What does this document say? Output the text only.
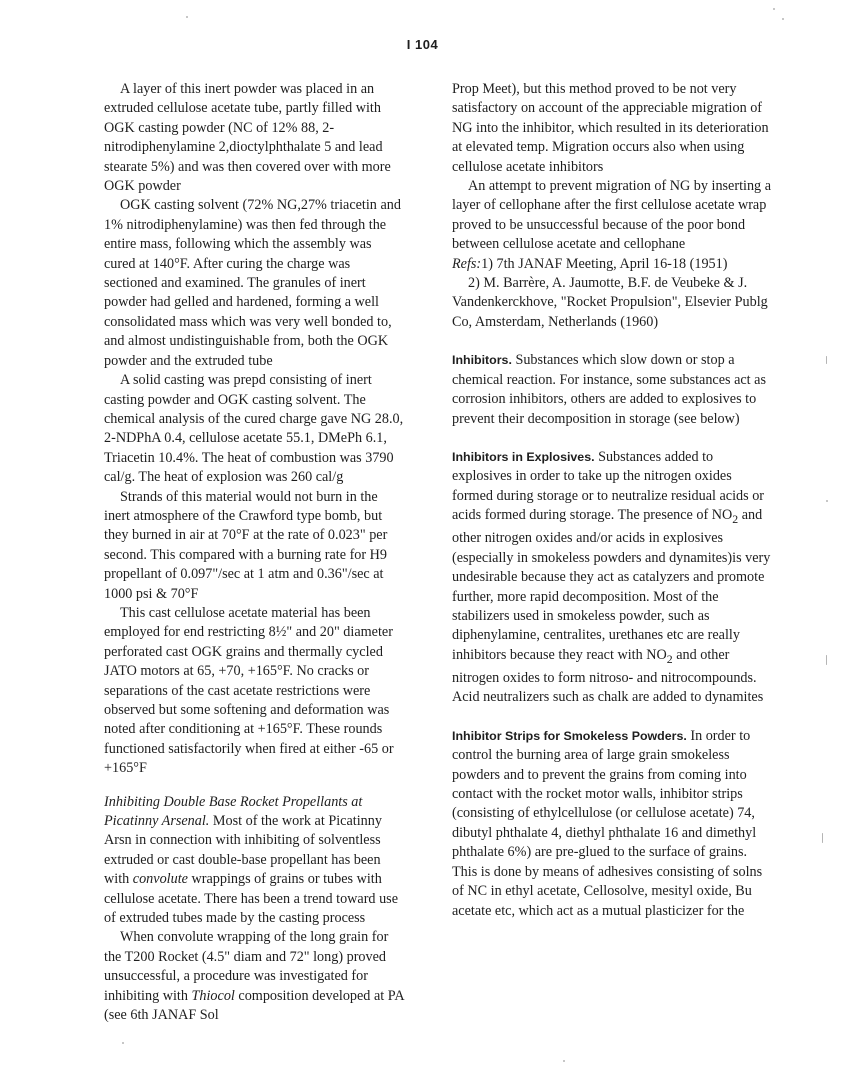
I 104

A layer of this inert powder was placed in an extruded cellulose acetate tube, partly filled with OGK casting powder (NC of 12% 88, 2-nitrodiphenylamine 2,dioctylphthalate 5 and lead stearate 5%) and was then covered over with more OGK powder

OGK casting solvent (72% NG,27% triacetin and 1% nitrodiphenylamine) was then fed through the entire mass, following which the assembly was cured at 140°F. After curing the charge was sectioned and examined. The granules of inert powder had gelled and hardened, forming a well consolidated mass which was very well bonded to, and almost undistinguishable from, both the OGK powder and the extruded tube

A solid casting was prepd consisting of inert casting powder and OGK casting solvent. The chemical analysis of the cured charge gave NG 28.0, 2-NDPhA 0.4, cellulose acetate 55.1, DMePh 6.1, Triacetin 10.4%. The heat of combustion was 3790 cal/g. The heat of explosion was 260 cal/g

Strands of this material would not burn in the inert atmosphere of the Crawford type bomb, but they burned in air at 70°F at the rate of 0.023" per second. This compared with a burning rate for H9 propellant of 0.097"/sec at 1 atm and 0.36"/sec at 1000 psi & 70°F

This cast cellulose acetate material has been employed for end restricting 8½" and 20" diameter perforated cast OGK grains and thermally cycled JATO motors at 65, +70, +165°F. No cracks or separations of the cast acetate restrictions were observed but some softening and deformation was noted after conditioning at +165°F. These rounds functioned satisfactorily when fired at either -65 or +165°F

Inhibiting Double Base Rocket Propellants at Picatinny Arsenal. Most of the work at Picatinny Arsn in connection with inhibiting of solventless extruded or cast double-base propellant has been with convolute wrappings of grains or tubes with cellulose acetate. There has been a trend toward use of extruded tubes made by the casting process

When convolute wrapping of the long grain for the T200 Rocket (4.5" diam and 72" long) proved unsuccessful, a procedure was investigated for inhibiting with Thiocol composition developed at PA (see 6th JANAF Sol

Prop Meet), but this method proved to be not very satisfactory on account of the appreciable migration of NG into the inhibitor, which resulted in its deterioration at elevated temp. Migration occurs also when using cellulose acetate inhibitors

An attempt to prevent migration of NG by inserting a layer of cellophane after the first cellulose acetate wrap proved to be unsuccessful because of the poor bond between cellulose acetate and cellophane

Refs:1) 7th JANAF Meeting, April 16-18 (1951)

2) M. Barrère, A. Jaumotte, B.F. de Veubeke & J. Vandenkerckhove, "Rocket Propulsion", Elsevier Publg Co, Amsterdam, Netherlands (1960)

Inhibitors. Substances which slow down or stop a chemical reaction. For instance, some substances act as corrosion inhibitors, others are added to explosives to prevent their decomposition in storage (see below)

Inhibitors in Explosives. Substances added to explosives in order to take up the nitrogen oxides formed during storage or to neutralize residual acids or acids formed during storage. The presence of $NO_2$ and other nitrogen oxides and/or acids in explosives (especially in smokeless powders and dynamites)is very undesirable because they act as catalyzers and promote further, more rapid decomposition. Most of the stabilizers used in smokeless powder, such as diphenylamine, centralites, urethanes etc are really inhibitors because they react with $NO_2$ and other nitrogen oxides to form nitroso- and nitrocompounds. Acid neutralizers such as chalk are added to dynamites

Inhibitor Strips for Smokeless Powders. In order to control the burning area of large grain smokeless powders and to prevent the grains from coming into contact with the rocket motor walls, inhibitor strips (consisting of ethylcellulose (or cellulose acetate) 74, dibutyl phthalate 4, diethyl phthalate 16 and dimethyl phthalate 6%) are pre-glued to the surface of grains. This is done by means of adhesives consisting of solns of NC in ethyl acetate, Cellosolve, mesityl oxide, Bu acetate etc, which act as a mutual plasticizer for the
